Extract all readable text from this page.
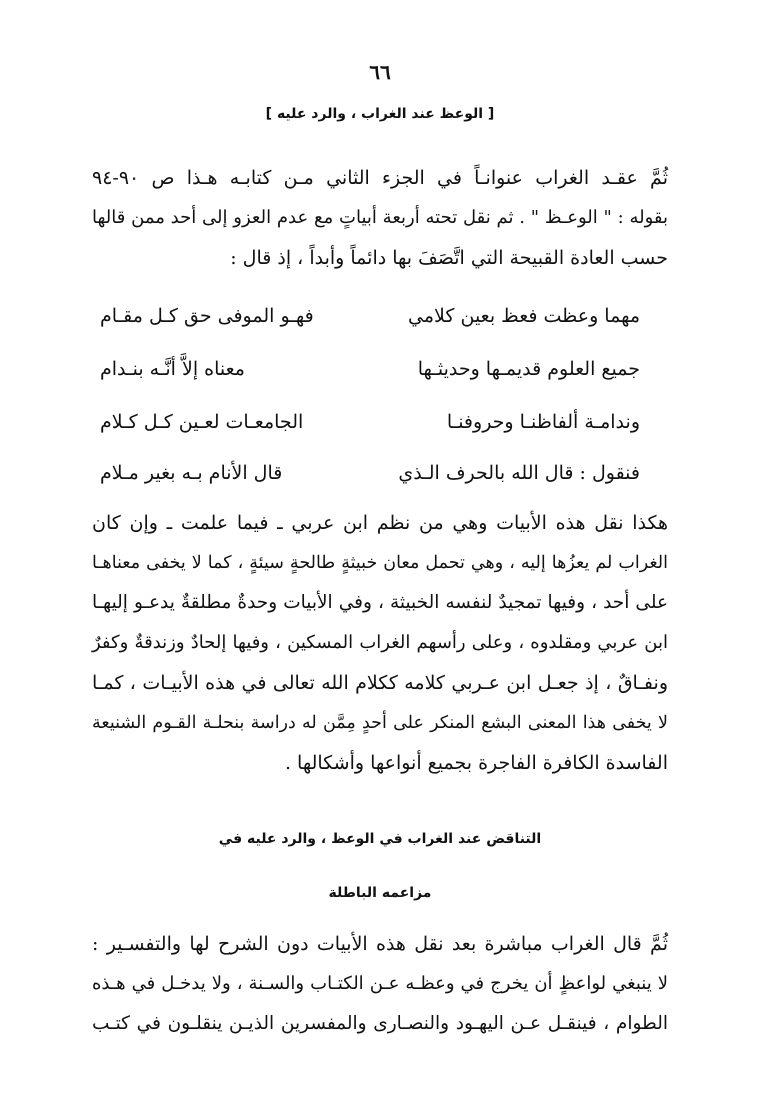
٦٦
[ الوعظ عند الغراب ، والرد عليه ]
ثُمَّ عقـد الغراب عنوانـاً في الجزء الثاني مـن كتابـه هـذا ص ٩٠-٩٤
بقوله : " الوعـظ " . ثم نقل تحته أربعة أبياتٍ مع عدم العزو إلى أحد ممن قالها
حسب العادة القبيحة التي اتَّصَفَ بها دائماً وأبداً ، إذ قال :
مهما وعظت فعظ بعين كلامي
فهـو الموفى حق كـل مقـام
جميع العلوم قديمـها وحديثـها
معناه إلاَّ أنَّـه بنـدام
وندامـة ألفاظنـا وحروفنـا
الجامعـات لعـين كـل كـلام
فنقول : قال الله بالحرف الـذي
قال الأنام بـه بغير مـلام
هكذا نقل هذه الأبيات وهي من نظم ابن عربي ـ فيما علمت ـ وإن كان
الغراب لم يعزُها إليه ، وهي تحمل معان خبيثةٍ طالحةٍ سيئةٍ ، كما لا يخفى معناهـا
على أحد ، وفيها تمجيدٌ لنفسه الخبيثة ، وفي الأبيات وحدةٌ مطلقةٌ يدعـو إليهـا
ابن عربي ومقلدوه ، وعلى رأسهم الغراب المسكين ، وفيها إلحادٌ وزندقةٌ وكفرٌ
ونفـاقٌ ، إذ جعـل ابن عـربي كلامه ككلام الله تعالى في هذه الأبيـات ، كمـا
لا يخفى هذا المعنى البشع المنكر على أحدٍ مِمَّن له دراسة بنحلـة القـوم الشنيعة
الفاسدة الكافرة الفاجرة بجميع أنواعها وأشكالها .
التناقض عند الغراب في الوعظ ، والرد عليه في
مزاعمه الباطلة
ثُمَّ قال الغراب مباشرة بعد نقل هذه الأبيات دون الشرح لها والتفسـير :
لا ينبغي لواعظٍ أن يخرج في وعظـه عـن الكتـاب والسـنة ، ولا يدخـل في هـذه
الطوام ، فينقـل عـن اليهـود والنصـارى والمفسرين الذيـن ينقلـون في كتـب
